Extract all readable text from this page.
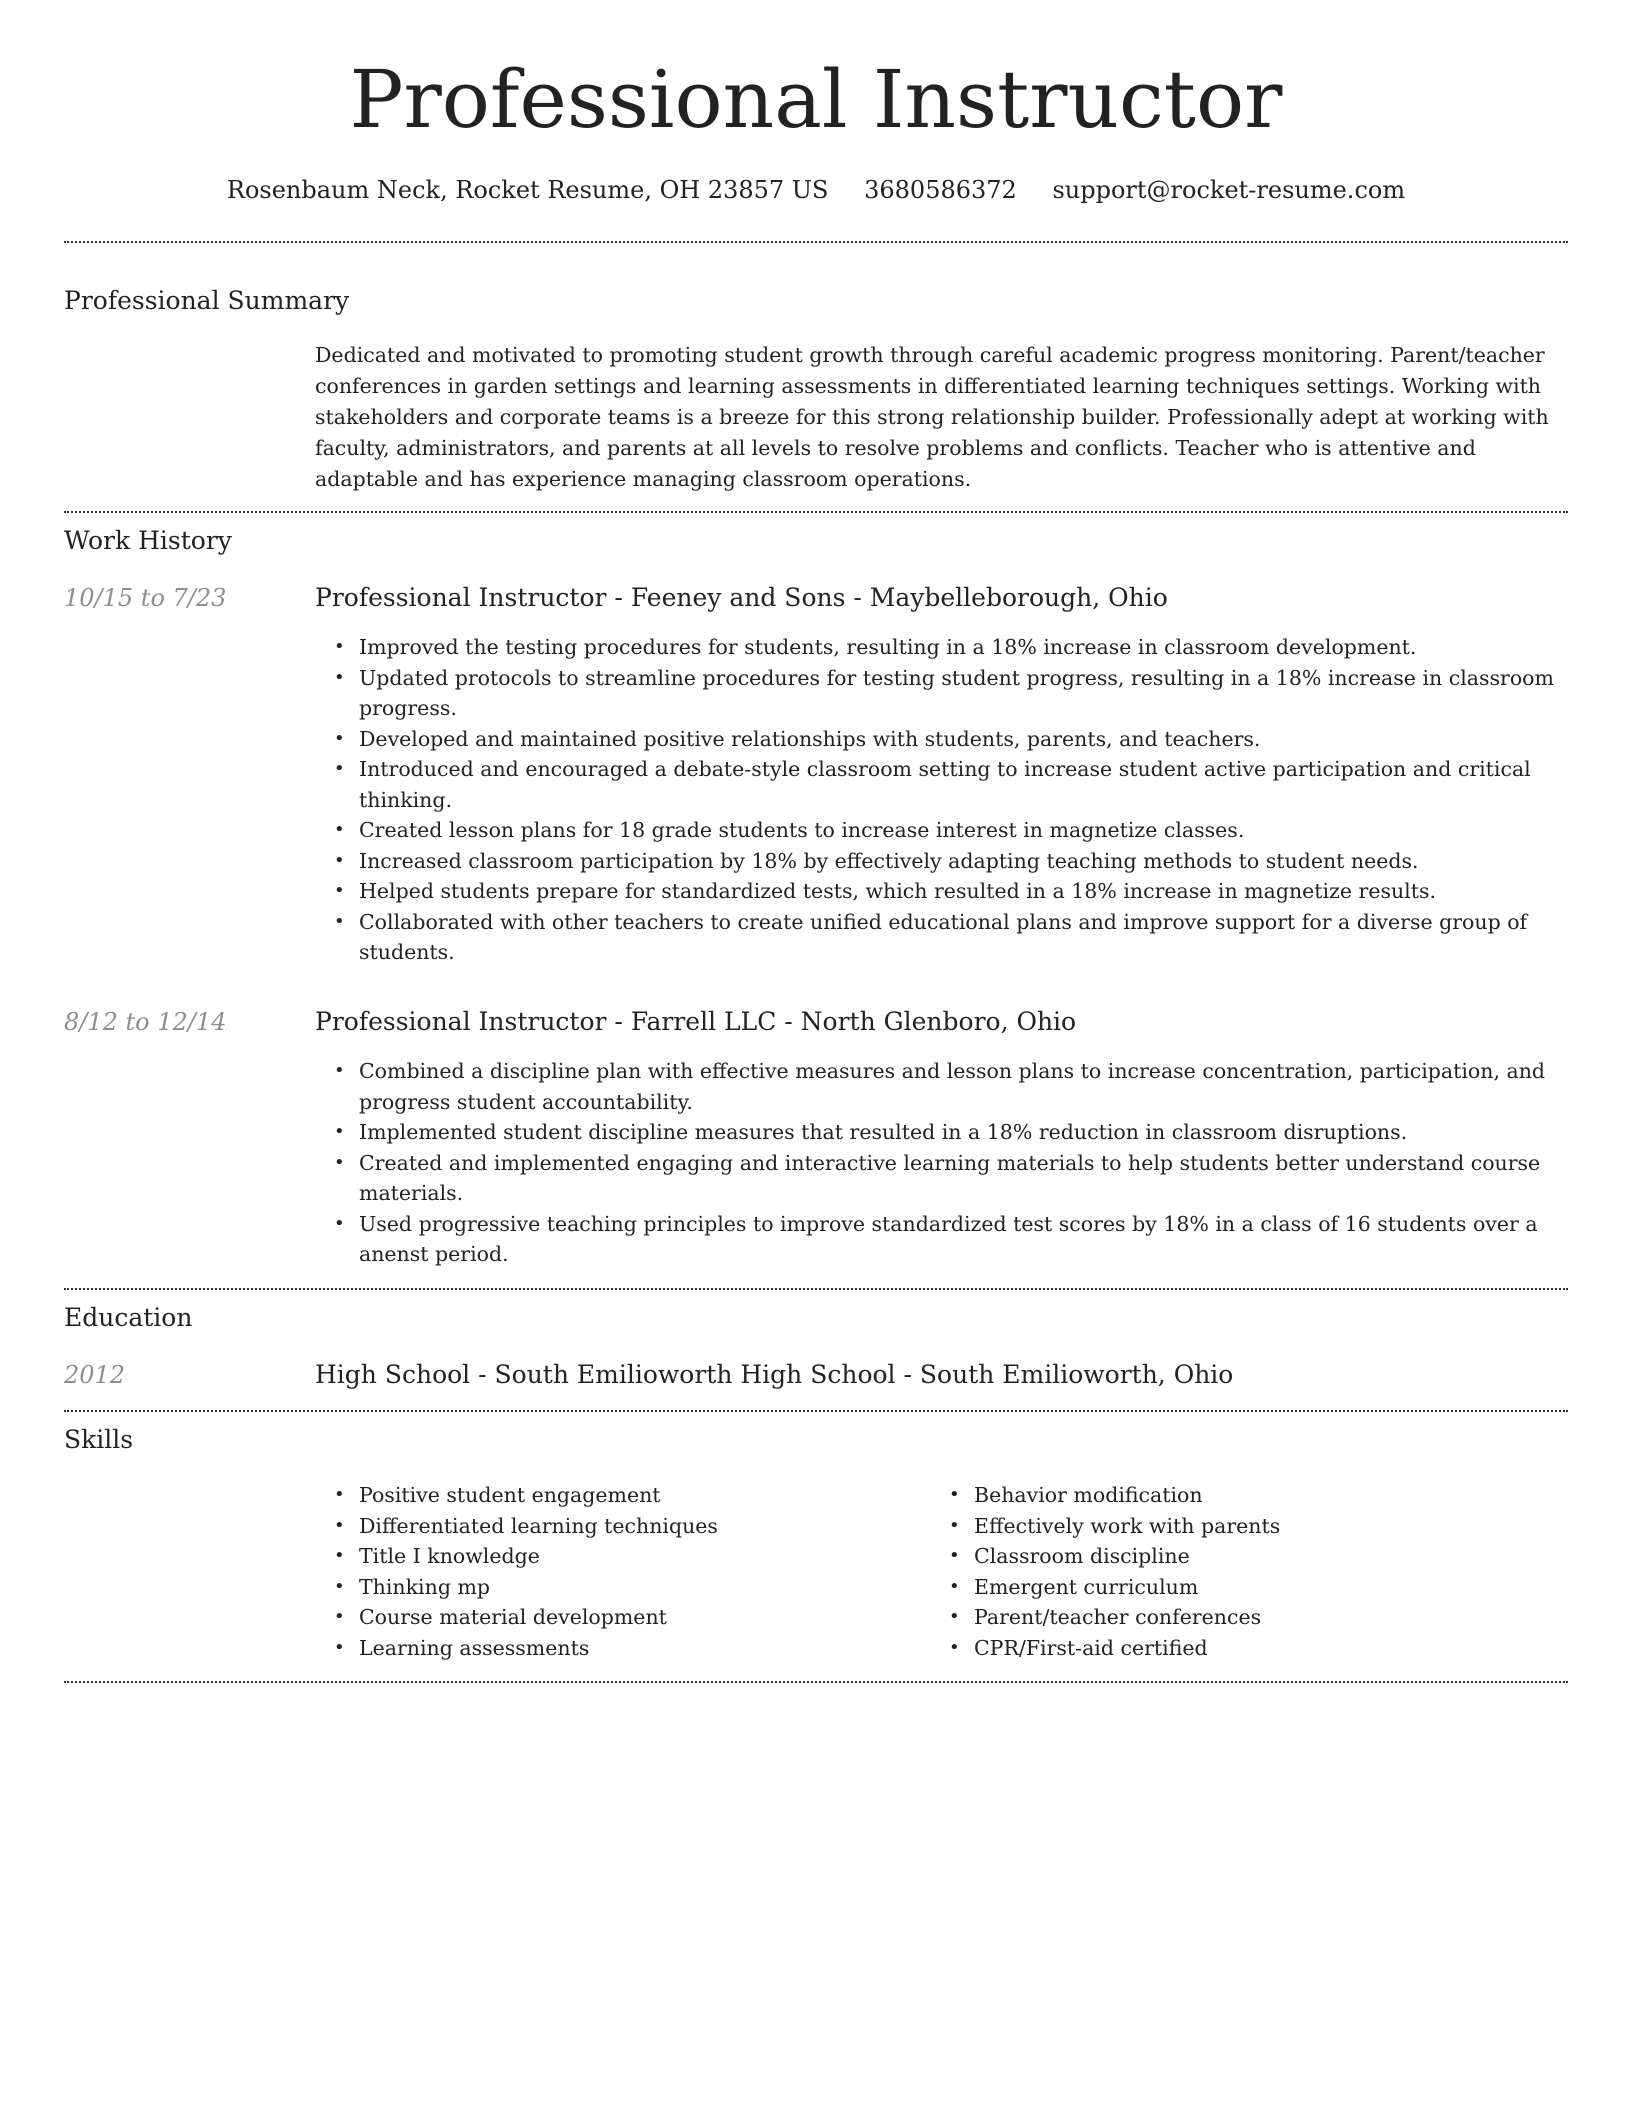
Professional Instructor
Rosenbaum Neck, Rocket Resume, OH 23857 US 3680586372 support@rocket-resume.com
Professional Summary

Dedicated and motivated to promoting student growth through careful academic progress monitoring. Parent/teacher conferences in garden settings and learning assessments in differentiated learning techniques settings. Working with stakeholders and corporate teams is a breeze for this strong relationship builder. Professionally adept at working with faculty, administrators, and parents at all levels to resolve problems and conflicts. Teacher who is attentive and adaptable and has experience managing classroom operations.

Work History
10/15 to 7/23	Professional Instructor - Feeney and Sons - Maybelleborough, Ohio
• Improved the testing procedures for students, resulting in a 18% increase in classroom development.
• Updated protocols to streamline procedures for testing student progress, resulting in a 18% increase in classroom progress.
• Developed and maintained positive relationships with students, parents, and teachers.
• Introduced and encouraged a debate-style classroom setting to increase student active participation and critical thinking.
• Created lesson plans for 18 grade students to increase interest in magnetize classes.
• Increased classroom participation by 18% by effectively adapting teaching methods to student needs.
• Helped students prepare for standardized tests, which resulted in a 18% increase in magnetize results.
• Collaborated with other teachers to create unified educational plans and improve support for a diverse group of students.
8/12 to 12/14	Professional Instructor - Farrell LLC - North Glenboro, Ohio
• Combined a discipline plan with effective measures and lesson plans to increase concentration, participation, and progress student accountability.
• Implemented student discipline measures that resulted in a 18% reduction in classroom disruptions.
• Created and implemented engaging and interactive learning materials to help students better understand course materials.
• Used progressive teaching principles to improve standardized test scores by 18% in a class of 16 students over a anenst period.
Education
2012	High School - South Emilioworth High School - South Emilioworth, Ohio
Skills
• Positive student engagement
• Differentiated learning techniques
• Title I knowledge
• Thinking mp
• Course material development
• Learning assessments
• Behavior modification
• Effectively work with parents
• Classroom discipline
• Emergent curriculum
• Parent/teacher conferences
• CPR/First-aid certified
